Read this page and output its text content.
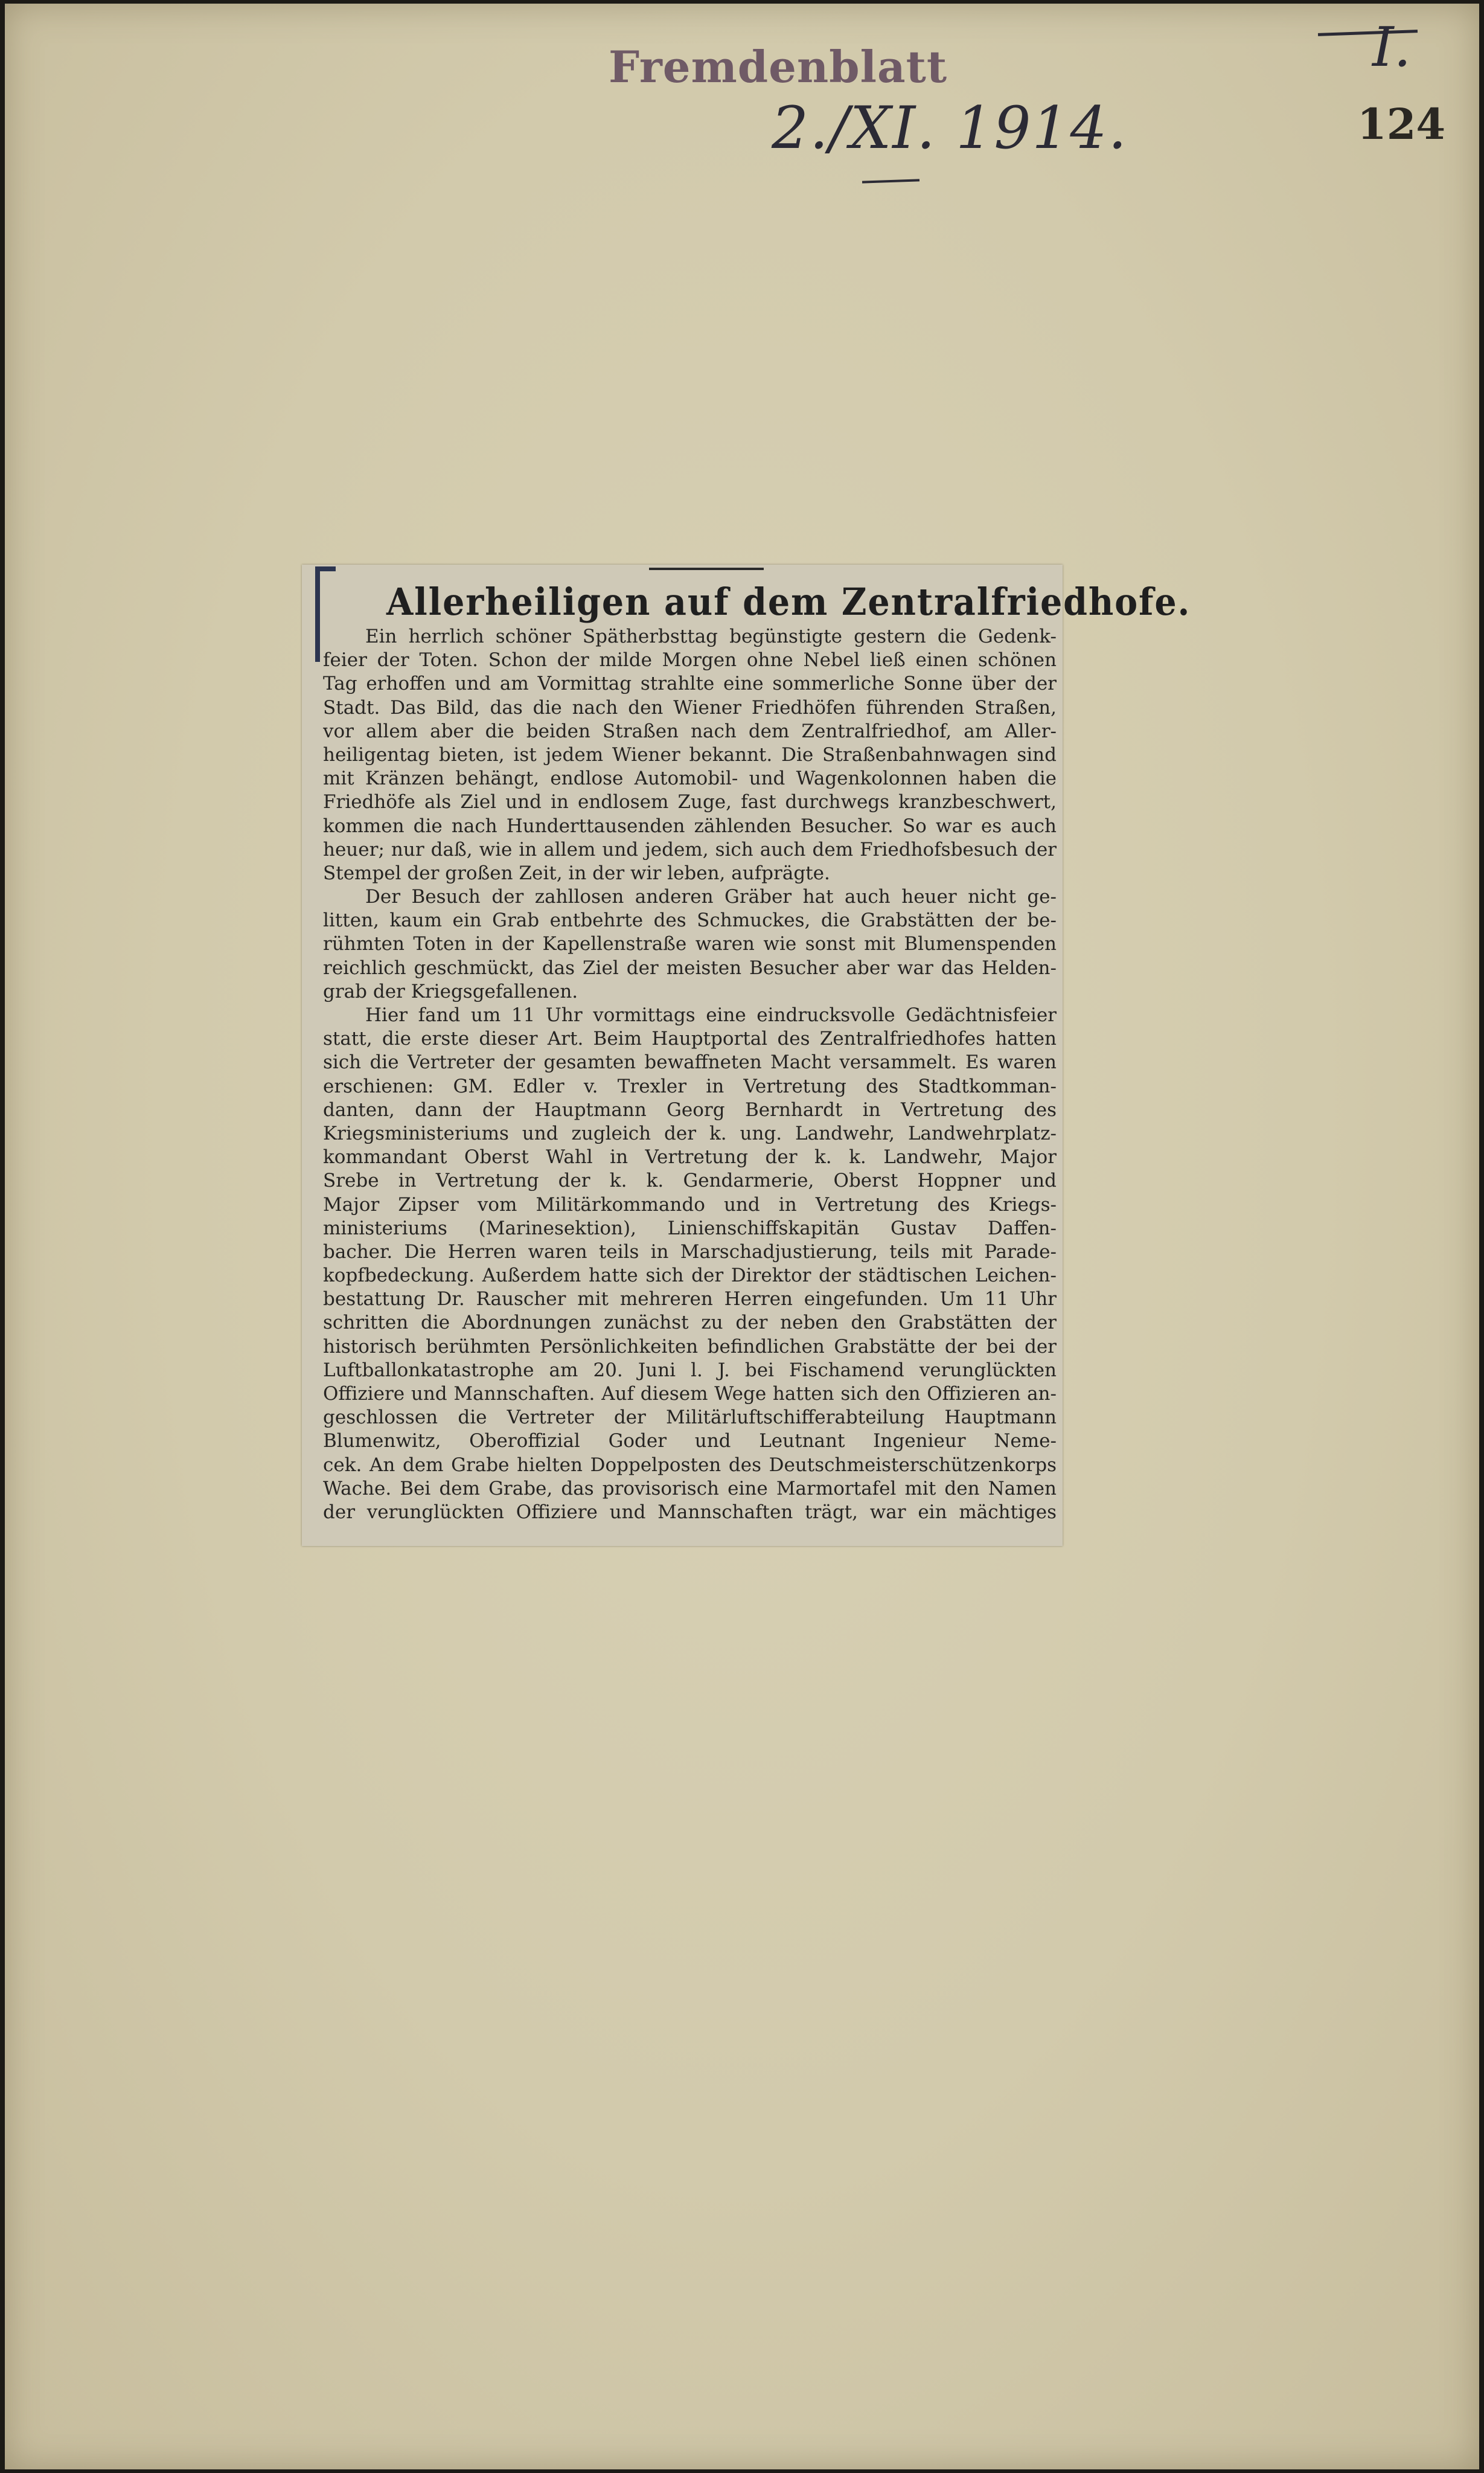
Fremdenblatt
2./XI. 1914.
I.
124
Allerheiligen auf dem Zentralfriedhofe.
Ein herrlich schöner Spätherbsttag begünstigte gestern die Gedenk-
feier der Toten. Schon der milde Morgen ohne Nebel ließ einen schönen
Tag erhoffen und am Vormittag strahlte eine sommerliche Sonne über der
Stadt. Das Bild, das die nach den Wiener Friedhöfen führenden Straßen,
vor allem aber die beiden Straßen nach dem Zentralfriedhof, am Aller-
heiligentag bieten, ist jedem Wiener bekannt. Die Straßenbahnwagen sind
mit Kränzen behängt, endlose Automobil- und Wagenkolonnen haben die
Friedhöfe als Ziel und in endlosem Zuge, fast durchwegs kranzbeschwert,
kommen die nach Hunderttausenden zählenden Besucher. So war es auch
heuer; nur daß, wie in allem und jedem, sich auch dem Friedhofsbesuch der
Stempel der großen Zeit, in der wir leben, aufprägte.
Der Besuch der zahllosen anderen Gräber hat auch heuer nicht ge-
litten, kaum ein Grab entbehrte des Schmuckes, die Grabstätten der be-
rühmten Toten in der Kapellenstraße waren wie sonst mit Blumenspenden
reichlich geschmückt, das Ziel der meisten Besucher aber war das Helden-
grab der Kriegsgefallenen.
Hier fand um 11 Uhr vormittags eine eindrucksvolle Gedächtnisfeier
statt, die erste dieser Art. Beim Hauptportal des Zentralfriedhofes hatten
sich die Vertreter der gesamten bewaffneten Macht versammelt. Es waren
erschienen: GM. Edler v. Trexler in Vertretung des Stadtkomman-
danten, dann der Hauptmann Georg Bernhardt in Vertretung des
Kriegsministeriums und zugleich der k. ung. Landwehr, Landwehrplatz-
kommandant Oberst Wahl in Vertretung der k. k. Landwehr, Major
Srebe in Vertretung der k. k. Gendarmerie, Oberst Hoppner und
Major Zipser vom Militärkommando und in Vertretung des Kriegs-
ministeriums (Marinesektion), Linienschiffskapitän Gustav Daffen-
bacher. Die Herren waren teils in Marschadjustierung, teils mit Parade-
kopfbedeckung. Außerdem hatte sich der Direktor der städtischen Leichen-
bestattung Dr. Rauscher mit mehreren Herren eingefunden. Um 11 Uhr
schritten die Abordnungen zunächst zu der neben den Grabstätten der
historisch berühmten Persönlichkeiten befindlichen Grabstätte der bei der
Luftballonkatastrophe am 20. Juni l. J. bei Fischamend verunglückten
Offiziere und Mannschaften. Auf diesem Wege hatten sich den Offizieren an-
geschlossen die Vertreter der Militärluftschifferabteilung Hauptmann
Blumenwitz, Oberoffizial Goder und Leutnant Ingenieur Neme-
cek. An dem Grabe hielten Doppelposten des Deutschmeisterschützenkorps
Wache. Bei dem Grabe, das provisorisch eine Marmortafel mit den Namen
der verunglückten Offiziere und Mannschaften trägt, war ein mächtiges
